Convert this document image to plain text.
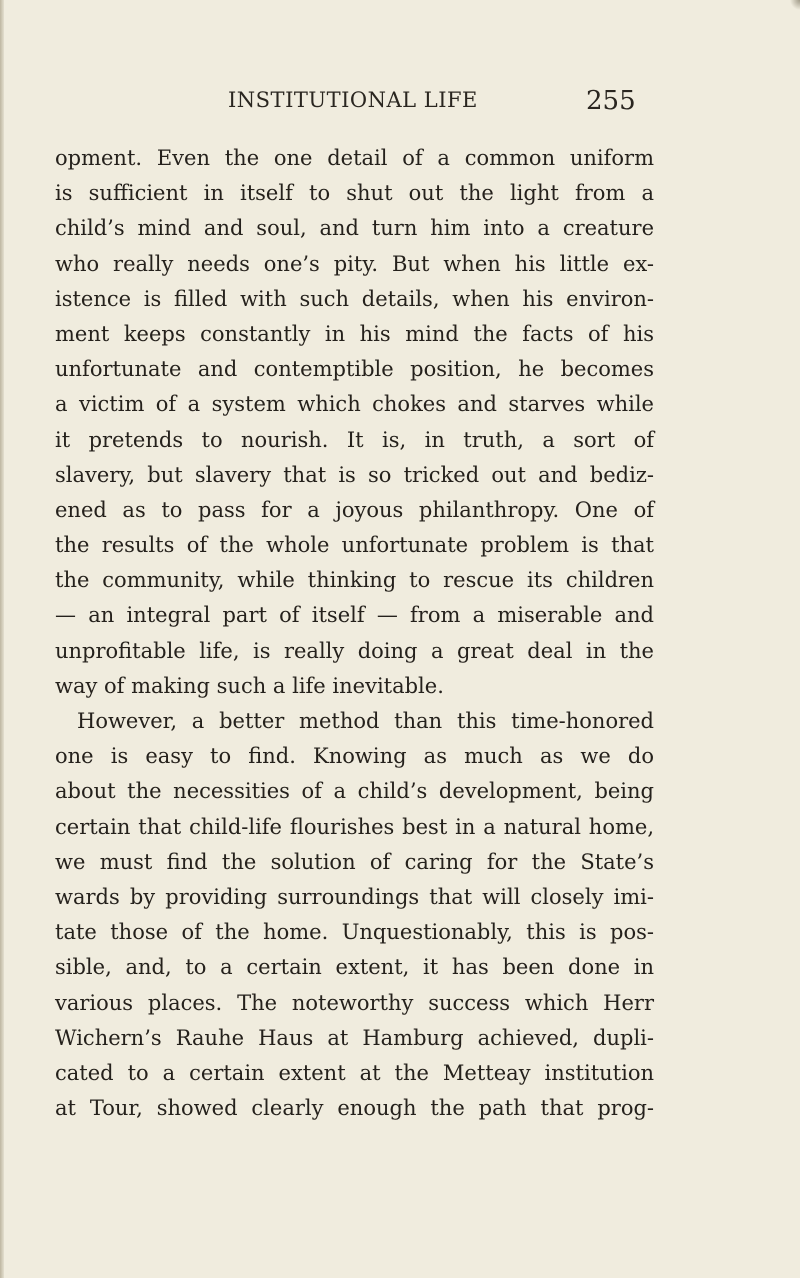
INSTITUTIONAL LIFE	255
opment. Even the one detail of a common uniform
is sufficient in itself to shut out the light from a
child’s mind and soul, and turn him into a creature
who really needs one’s pity. But when his little ex-
istence is filled with such details, when his environ-
ment keeps constantly in his mind the facts of his
unfortunate and contemptible position, he becomes
a victim of a system which chokes and starves while
it pretends to nourish. It is, in truth, a sort of
slavery, but slavery that is so tricked out and bediz-
ened as to pass for a joyous philanthropy. One of
the results of the whole unfortunate problem is that
the community, while thinking to rescue its children
— an integral part of itself — from a miserable and
unprofitable life, is really doing a great deal in the
way of making such a life inevitable.
However, a better method than this time-honored
one is easy to find. Knowing as much as we do
about the necessities of a child’s development, being
certain that child-life flourishes best in a natural home,
we must find the solution of caring for the State’s
wards by providing surroundings that will closely imi-
tate those of the home. Unquestionably, this is pos-
sible, and, to a certain extent, it has been done in
various places. The noteworthy success which Herr
Wichern’s Rauhe Haus at Hamburg achieved, dupli-
cated to a certain extent at the Metteay institution
at Tour, showed clearly enough the path that prog-
